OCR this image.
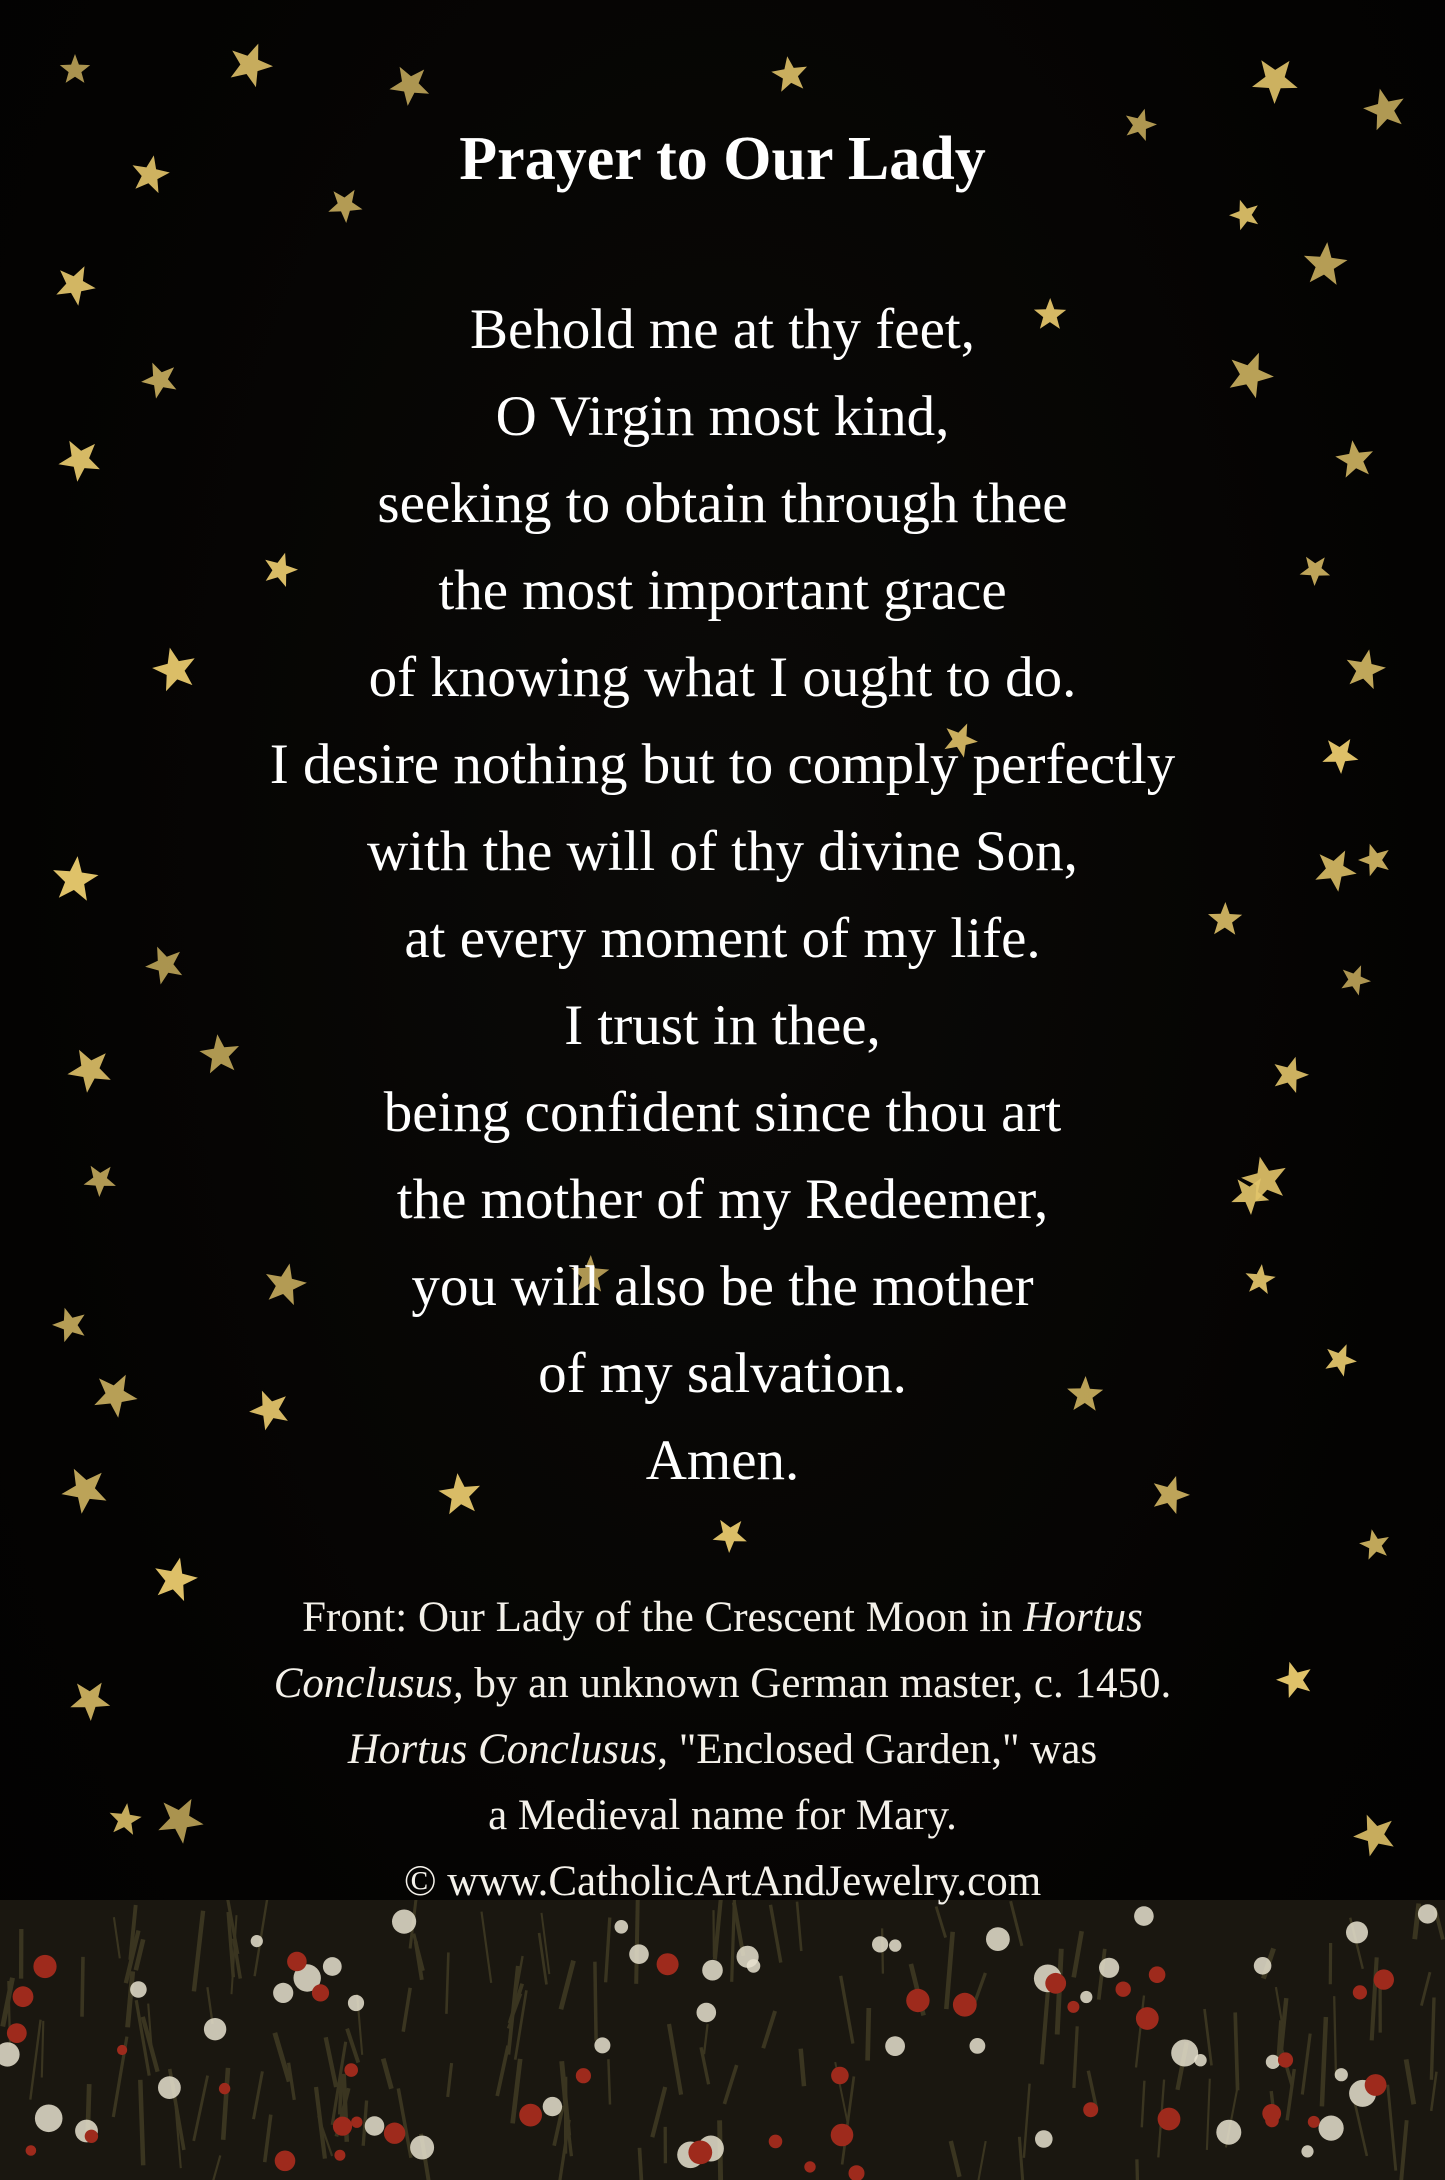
Prayer to Our Lady
Behold me at thy feet,
O Virgin most kind,
seeking to obtain through thee
the most important grace
of knowing what I ought to do.
I desire nothing but to comply perfectly
with the will of thy divine Son,
at every moment of my life.
I trust in thee,
being confident since thou art
the mother of my Redeemer,
you will also be the mother
of my salvation.
Amen.
Front: Our Lady of the Crescent Moon in Hortus
Conclusus, by an unknown German master, c. 1450.
Hortus Conclusus, "Enclosed Garden," was
a Medieval name for Mary.
© www.CatholicArtAndJewelry.com
